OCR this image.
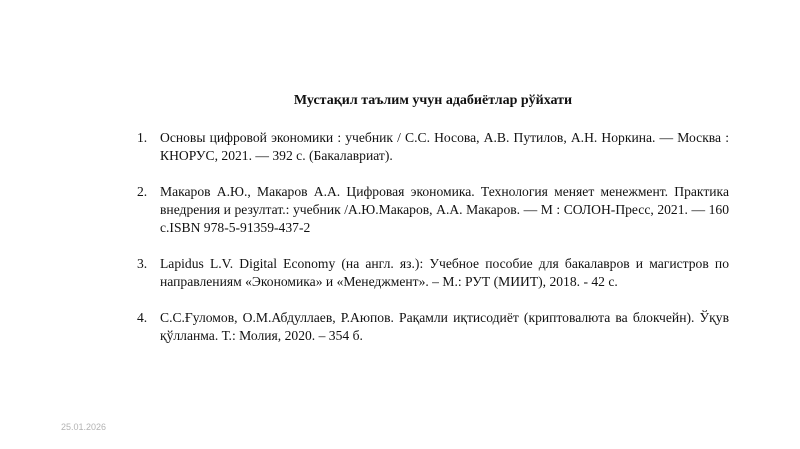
Мустақил таълим учун адабиётлар рўйхати
1. Основы цифровой экономики : учебник / С.С. Носова, А.В. Путилов, А.Н. Норкина. — Москва : КНОРУС, 2021. — 392 с. (Бакалавриат).
2. Макаров А.Ю., Макаров А.А. Цифровая экономика. Технология меняет менежмент. Практика внедрения и резултат.: учебник /А.Ю.Макаров, А.А. Макаров. — М : СОЛОН-Пресс, 2021. — 160 с.ISBN 978-5-91359-437-2
3. Lapidus L.V. Digital Economy (на англ. яз.): Учебное пособие для бакалавров и магистров по направлениям «Экономика» и «Менеджмент». – М.: РУТ (МИИТ), 2018. - 42 с.
4. С.С.Ғуломов, О.М.Абдуллаев, Р.Аюпов. Рақамли иқтисодиёт (криптовалюта ва блокчейн). Ўқув қўлланма. Т.: Молия, 2020. – 354 б.
25.01.2026
